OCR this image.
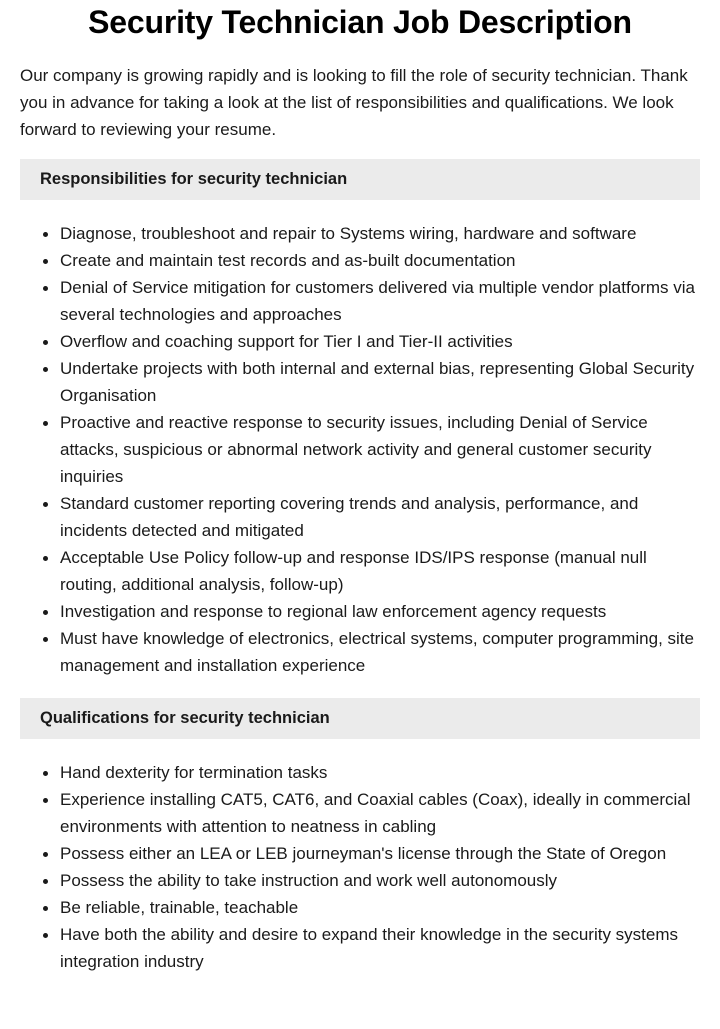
Security Technician Job Description

Our company is growing rapidly and is looking to fill the role of security technician. Thank you in advance for taking a look at the list of responsibilities and qualifications. We look forward to reviewing your resume.

Responsibilities for security technician
Diagnose, troubleshoot and repair to Systems wiring, hardware and software
Create and maintain test records and as-built documentation
Denial of Service mitigation for customers delivered via multiple vendor platforms via several technologies and approaches
Overflow and coaching support for Tier I and Tier-II activities
Undertake projects with both internal and external bias, representing Global Security Organisation
Proactive and reactive response to security issues, including Denial of Service attacks, suspicious or abnormal network activity and general customer security inquiries
Standard customer reporting covering trends and analysis, performance, and incidents detected and mitigated
Acceptable Use Policy follow-up and response IDS/IPS response (manual null routing, additional analysis, follow-up)
Investigation and response to regional law enforcement agency requests
Must have knowledge of electronics, electrical systems, computer programming, site management and installation experience
Qualifications for security technician
Hand dexterity for termination tasks
Experience installing CAT5, CAT6, and Coaxial cables (Coax), ideally in commercial environments with attention to neatness in cabling
Possess either an LEA or LEB journeyman's license through the State of Oregon
Possess the ability to take instruction and work well autonomously
Be reliable, trainable, teachable
Have both the ability and desire to expand their knowledge in the security systems integration industry
